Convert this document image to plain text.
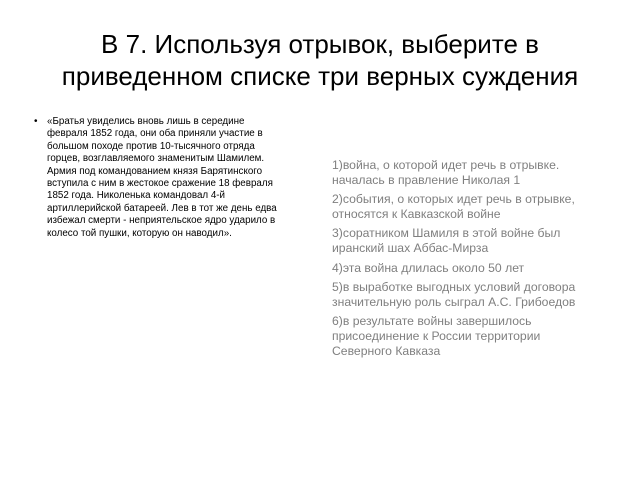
В 7. Используя отрывок, выберите в приведенном списке три верных суждения
• «Братья увиделись вновь лишь в середине февраля 1852 года, они оба приняли участие в большом походе против 10-тысячного отряда горцев, возглавляемого знаменитым Шамилем. Армия под командованием князя Барятинского вступила с ним в жестокое сражение 18 февраля 1852 года. Николенька командовал 4-й артиллерийской батареей. Лев в тот же день едва избежал смерти - неприятельское ядро ударило в колесо той пушки, которую он наводил».
1)война, о которой идет речь в отрывке. началась в правление Николая 1
2)события, о которых идет речь в отрывке, относятся к Кавказской войне
3)соратником Шамиля в этой войне был иранский шах Аббас-Мирза
4)эта война длилась около 50 лет
5)в выработке выгодных условий договора значительную роль сыграл А.С. Грибоедов
6)в результате войны завершилось присоединение к России территории Северного Кавказа
